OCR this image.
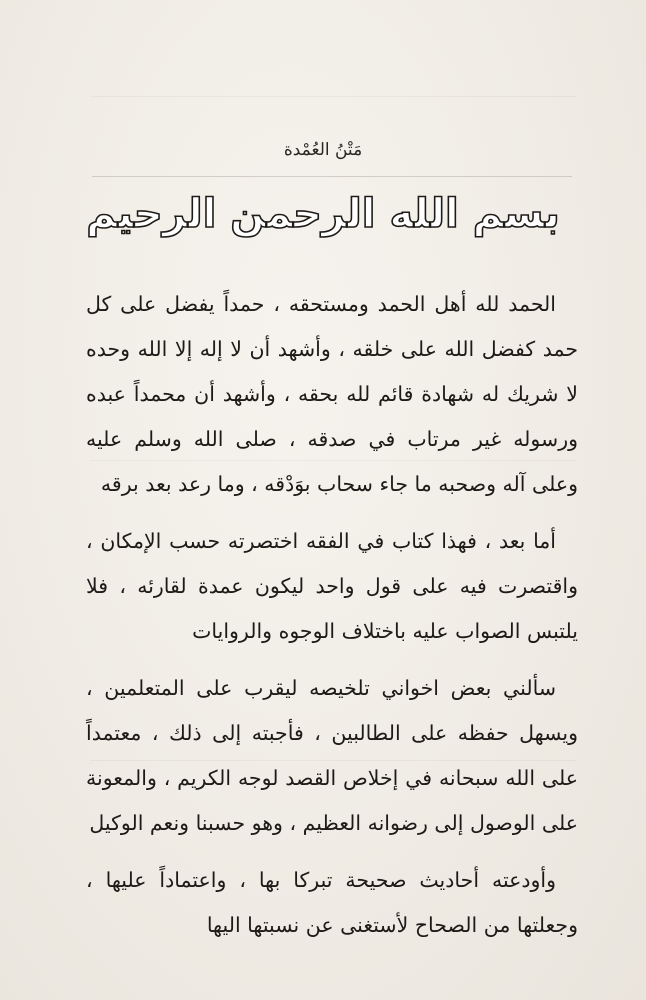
مَتْنُ العُمْدة
بسم الله الرحمن الرحيم

الحمد لله أهل الحمد ومستحقه ، حمداً يفضل على كل حمد كفضل الله على خلقه ، وأشهد أن لا إله إلا الله وحده لا شريك له شهادة قائم لله بحقه ، وأشهد أن محمداً عبده ورسوله غير مرتاب في صدقه ، صلى الله وسلم عليه وعلى آله وصحبه ما جاء سحاب بوَدْقه ، وما رعد بعد برقه

أما بعد ، فهذا كتاب في الفقه اختصرته حسب الإمكان ، واقتصرت فيه على قول واحد ليكون عمدة لقارئه ، فلا يلتبس الصواب عليه باختلاف الوجوه والروايات

سألني بعض اخواني تلخيصه ليقرب على المتعلمين ، ويسهل حفظه على الطالبين ، فأجبته إلى ذلك ، معتمداً على الله سبحانه في إخلاص القصد لوجه الكريم ، والمعونة على الوصول إلى رضوانه العظيم ، وهو حسبنا ونعم الوكيل

وأودعته أحاديث صحيحة تبركا بها ، واعتماداً عليها ، وجعلتها من الصحاح لأستغنى عن نسبتها اليها
